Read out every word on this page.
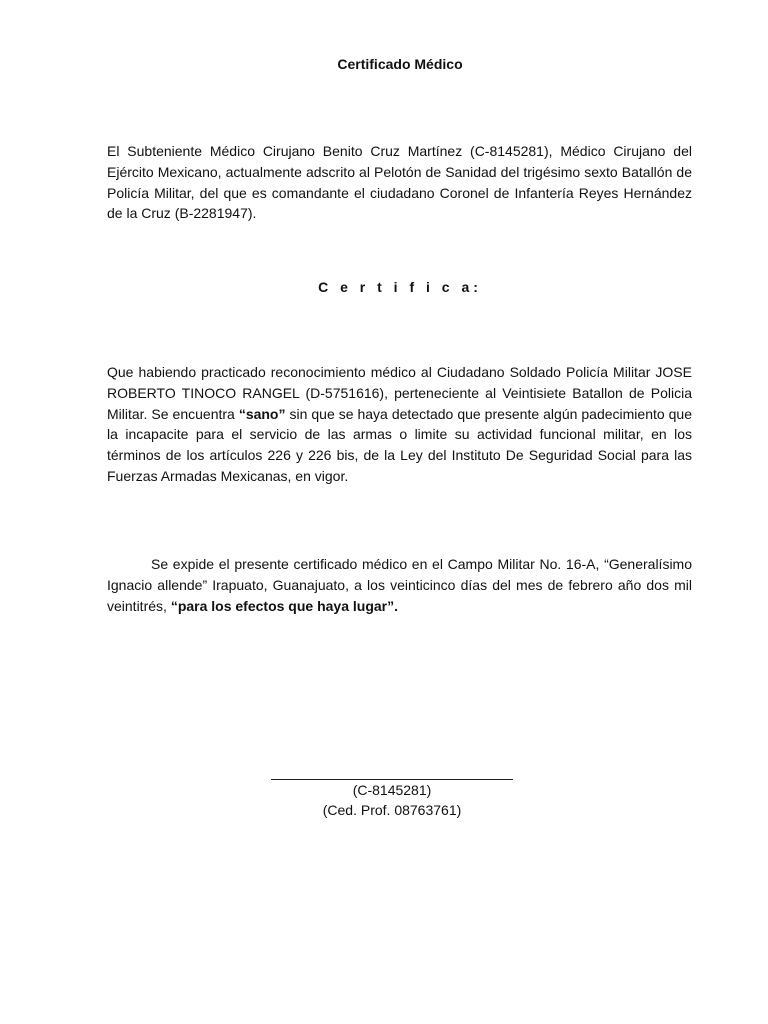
Certificado Médico

El Subteniente Médico Cirujano Benito Cruz Martínez (C-8145281), Médico Cirujano del Ejército Mexicano, actualmente adscrito al Pelotón de Sanidad del trigésimo sexto Batallón de Policía Militar, del que es comandante el ciudadano Coronel de Infantería Reyes Hernández de la Cruz (B-2281947).

C e r t i f i c a:

Que habiendo practicado reconocimiento médico al Ciudadano Soldado Policía Militar JOSE ROBERTO TINOCO RANGEL (D-5751616), perteneciente al Veintisiete Batallon de Policia Militar. Se encuentra “sano” sin que se haya detectado que presente algún padecimiento que la incapacite para el servicio de las armas o limite su actividad funcional militar, en los términos de los artículos 226 y 226 bis, de la Ley del Instituto De Seguridad Social para las Fuerzas Armadas Mexicanas, en vigor.

Se expide el presente certificado médico en el Campo Militar No. 16-A, “Generalísimo Ignacio allende” Irapuato, Guanajuato, a los veinticinco días del mes de febrero año dos mil veintitrés, “para los efectos que haya lugar”.

(C-8145281)
(Ced. Prof. 08763761)
